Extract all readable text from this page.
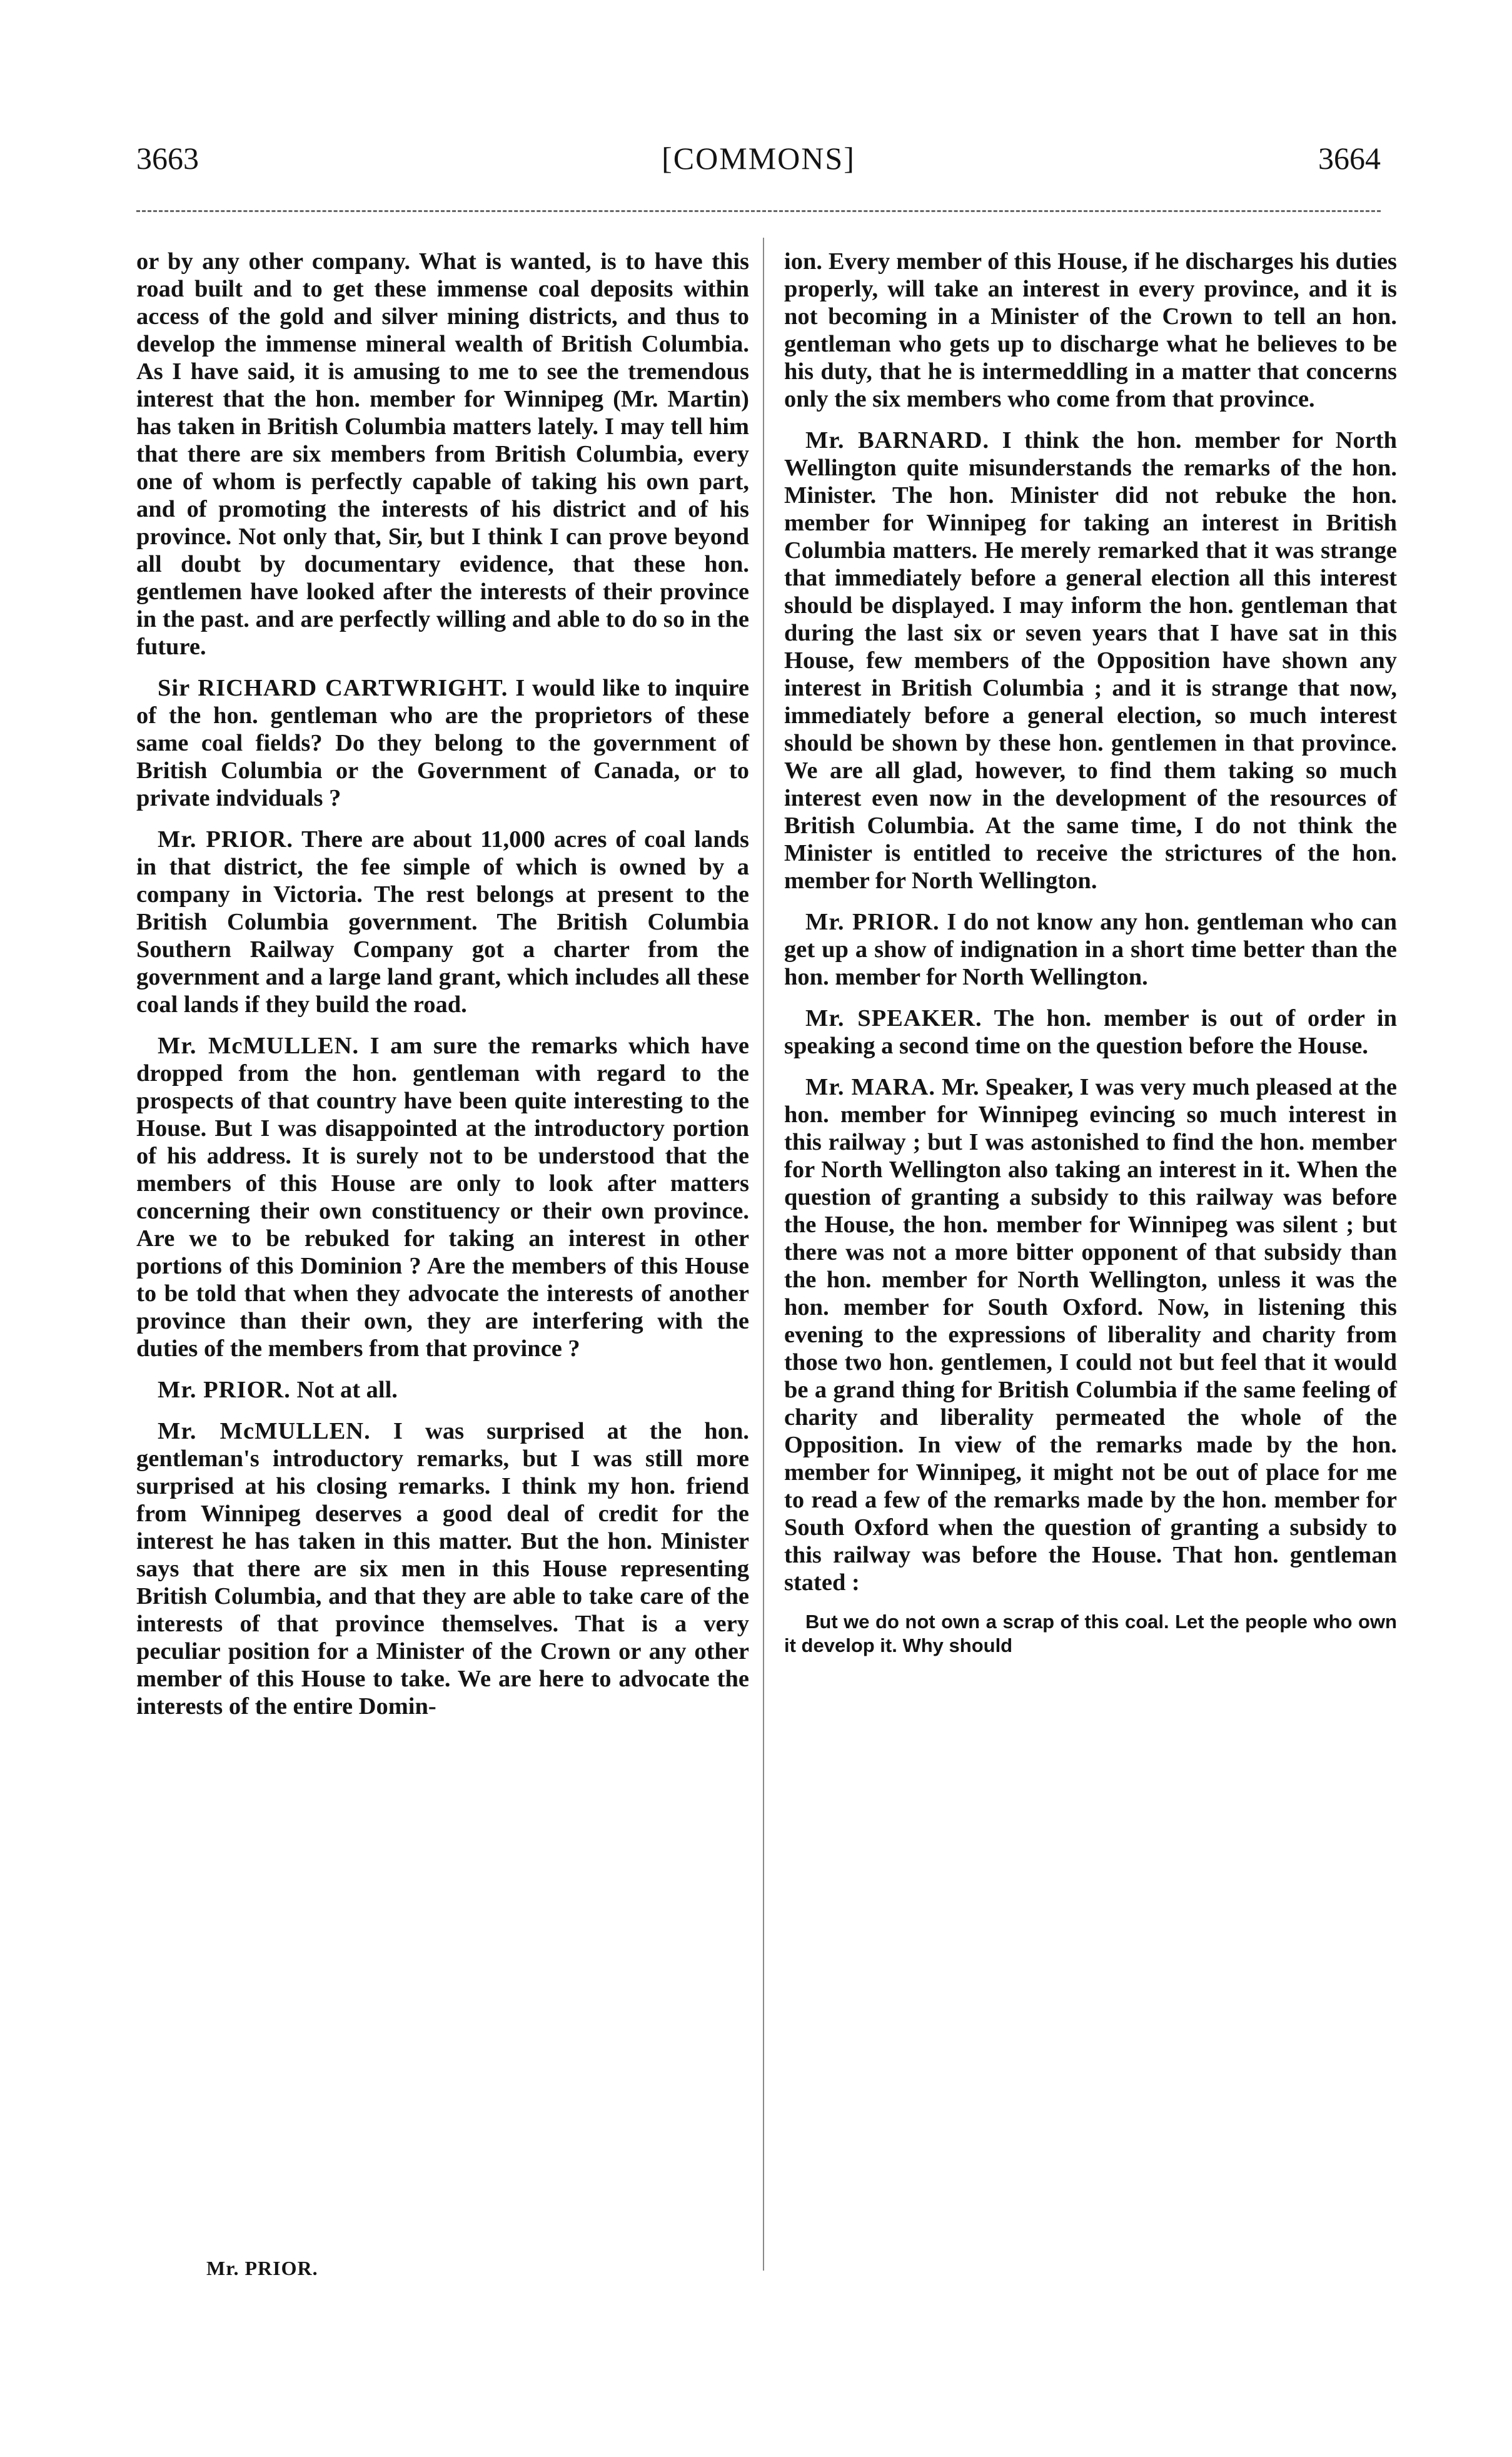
3663	[COMMONS]	3664

or by any other company. What is wanted, is to have this road built and to get these immense coal deposits within access of the gold and silver mining districts, and thus to develop the immense mineral wealth of British Columbia. As I have said, it is amusing to me to see the tremendous interest that the hon. member for Winnipeg (Mr. Martin) has taken in British Columbia matters lately. I may tell him that there are six members from British Columbia, every one of whom is perfectly capable of taking his own part, and of promoting the interests of his district and of his province. Not only that, Sir, but I think I can prove beyond all doubt by documentary evidence, that these hon. gentlemen have looked after the interests of their province in the past. and are perfectly willing and able to do so in the future.

Sir RICHARD CARTWRIGHT. I would like to inquire of the hon. gentleman who are the proprietors of these same coal fields? Do they belong to the government of British Columbia or the Government of Canada, or to private indviduals ?

Mr. PRIOR. There are about 11,000 acres of coal lands in that district, the fee simple of which is owned by a company in Victoria. The rest belongs at present to the British Columbia government. The British Columbia Southern Railway Company got a charter from the government and a large land grant, which includes all these coal lands if they build the road.

Mr. McMULLEN. I am sure the remarks which have dropped from the hon. gentleman with regard to the prospects of that country have been quite interesting to the House. But I was disappointed at the introductory portion of his address. It is surely not to be understood that the members of this House are only to look after matters concerning their own constituency or their own province. Are we to be rebuked for taking an interest in other portions of this Dominion ? Are the members of this House to be told that when they advocate the interests of another province than their own, they are interfering with the duties of the members from that province ?

Mr. PRIOR. Not at all.

Mr. McMULLEN. I was surprised at the hon. gentleman's introductory remarks, but I was still more surprised at his closing remarks. I think my hon. friend from Winnipeg deserves a good deal of credit for the interest he has taken in this matter. But the hon. Minister says that there are six men in this House representing British Columbia, and that they are able to take care of the interests of that province themselves. That is a very peculiar position for a Minister of the Crown or any other member of this House to take. We are here to advocate the interests of the entire Domin-

ion. Every member of this House, if he discharges his duties properly, will take an interest in every province, and it is not becoming in a Minister of the Crown to tell an hon. gentleman who gets up to discharge what he believes to be his duty, that he is intermeddling in a matter that concerns only the six members who come from that province.

Mr. BARNARD. I think the hon. member for North Wellington quite misunderstands the remarks of the hon. Minister. The hon. Minister did not rebuke the hon. member for Winnipeg for taking an interest in British Columbia matters. He merely remarked that it was strange that immediately before a general election all this interest should be displayed. I may inform the hon. gentleman that during the last six or seven years that I have sat in this House, few members of the Opposition have shown any interest in British Columbia ; and it is strange that now, immediately before a general election, so much interest should be shown by these hon. gentlemen in that province. We are all glad, however, to find them taking so much interest even now in the development of the resources of British Columbia. At the same time, I do not think the Minister is entitled to receive the strictures of the hon. member for North Wellington.

Mr. PRIOR. I do not know any hon. gentleman who can get up a show of indignation in a short time better than the hon. member for North Wellington.

Mr. SPEAKER. The hon. member is out of order in speaking a second time on the question before the House.

Mr. MARA. Mr. Speaker, I was very much pleased at the hon. member for Winnipeg evincing so much interest in this railway ; but I was astonished to find the hon. member for North Wellington also taking an interest in it. When the question of granting a subsidy to this railway was before the House, the hon. member for Winnipeg was silent ; but there was not a more bitter opponent of that subsidy than the hon. member for North Wellington, unless it was the hon. member for South Oxford. Now, in listening this evening to the expressions of liberality and charity from those two hon. gentlemen, I could not but feel that it would be a grand thing for British Columbia if the same feeling of charity and liberality permeated the whole of the Opposition. In view of the remarks made by the hon. member for Winnipeg, it might not be out of place for me to read a few of the remarks made by the hon. member for South Oxford when the question of granting a subsidy to this railway was before the House. That hon. gentleman stated :

But we do not own a scrap of this coal. Let the people who own it develop it. Why should

Mr. PRIOR.
